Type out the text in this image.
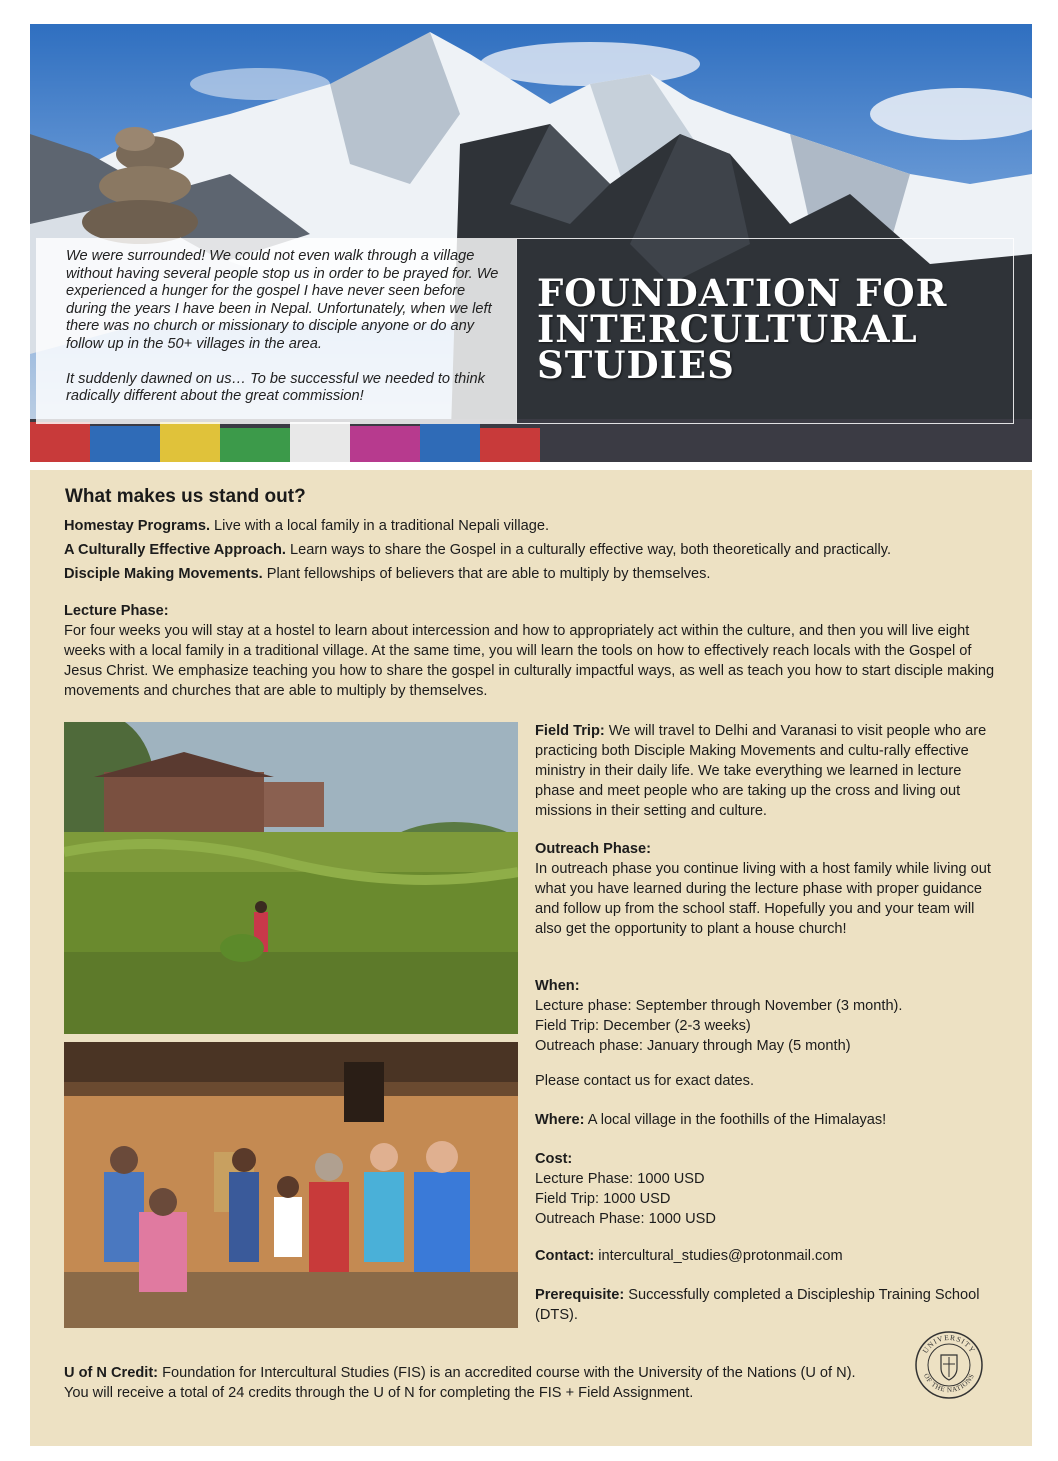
We were surrounded! We could not even walk through a village without having several people stop us in order to be prayed for. We experienced a hunger for the gospel I have never seen before during the years I have been in Nepal. Unfortunately, when we left there was no church or missionary to disciple anyone or do any follow up in the 50+ villages in the area.

It suddenly dawned on us… To be successful we needed to think radically different about the great commission!

FOUNDATION FOR
INTERCULTURAL
STUDIES
What makes us stand out?
Homestay Programs. Live with a local family in a traditional Nepali village.
A Culturally Effective Approach. Learn ways to share the Gospel in a culturally effective way, both theoretically and practically.
Disciple Making Movements. Plant fellowships of believers that are able to multiply by themselves.
Lecture Phase:
For four weeks you will stay at a hostel to learn about intercession and how to appropriately act within the culture, and then you will live eight weeks with a local family in a traditional village. At the same time, you will learn the tools on how to effectively reach locals with the Gospel of Jesus Christ. We emphasize teaching you how to share the gospel in culturally impactful ways, as well as teach you how to start disciple making movements and churches that are able to multiply by themselves.
Field Trip: We will travel to Delhi and Varanasi to visit people who are practicing both Disciple Making Movements and cultu-rally effective ministry in their daily life. We take everything we learned in lecture phase and meet people who are taking up the cross and living out missions in their setting and culture.
Outreach Phase:
In outreach phase you continue living with a host family while living out what you have learned during the lecture phase with proper guidance and follow up from the school staff. Hopefully you and your team will also get the opportunity to plant a house church!
When:
Lecture phase: September through November (3 month).
Field Trip: December (2-3 weeks)
Outreach phase: January through May (5 month)
Please contact us for exact dates.
Where: A local village in the foothills of the Himalayas!
Cost:
Lecture Phase: 1000 USD
Field Trip: 1000 USD
Outreach Phase: 1000 USD
Contact: intercultural_studies@protonmail.com
Prerequisite: Successfully completed a Discipleship Training School (DTS).
U of N Credit: Foundation for Intercultural Studies (FIS) is an accredited course with the University of the Nations (U of N). You will receive a total of 24 credits through the U of N for completing the FIS + Field Assignment.
UNIVERSITY
OF THE NATIONS
